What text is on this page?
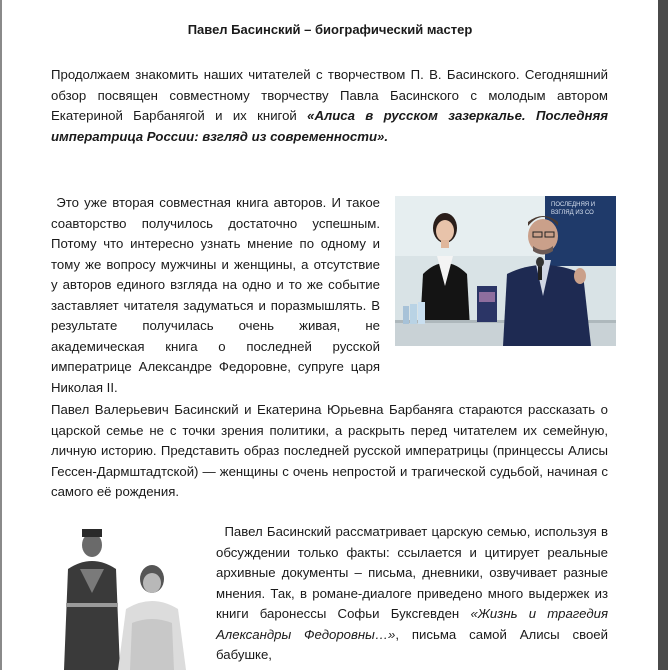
Павел Басинский – биографический мастер
Продолжаем знакомить наших читателей с творчеством П. В. Басинского. Сегодняшний обзор посвящен совместному творчеству Павла Басинского с молодым автором Екатериной Барбанягой и их книгой «Алиса в русском зазеркалье. Последняя императрица России: взгляд из современности».
Это уже вторая совместная книга авторов. И такое соавторство получилось достаточно успешным. Потому что интересно узнать мнение по одному и тому же вопросу мужчины и женщины, а отсутствие у авторов единого взгляда на одно и то же событие заставляет читателя задуматься и поразмышлять. В результате получилась очень живая, не академическая книга о последней русской императрице Александре Федоровне, супруге царя Николая II.
ПОСЛЕДНЯЯ И
ВЗГЛЯД ИЗ СО
Павел Валерьевич Басинский и Екатерина Юрьевна Барбаняга стараются рассказать о царской семье не с точки зрения политики, а раскрыть перед читателем их семейную, личную историю. Представить образ последней русской императрицы (принцессы Алисы Гессен-Дармштадтской) — женщины с очень непростой и трагической судьбой, начиная с самого её рождения.
Павел Басинский рассматривает царскую семью, используя в обсуждении только факты: ссылается и цитирует реальные архивные документы – письма, дневники, озвучивает разные мнения. Так, в романе-диалоге приведено много выдержек из книги баронессы Софьи Буксгевден «Жизнь и трагедия Александры Федоровны…», письма самой Алисы своей бабушке,
